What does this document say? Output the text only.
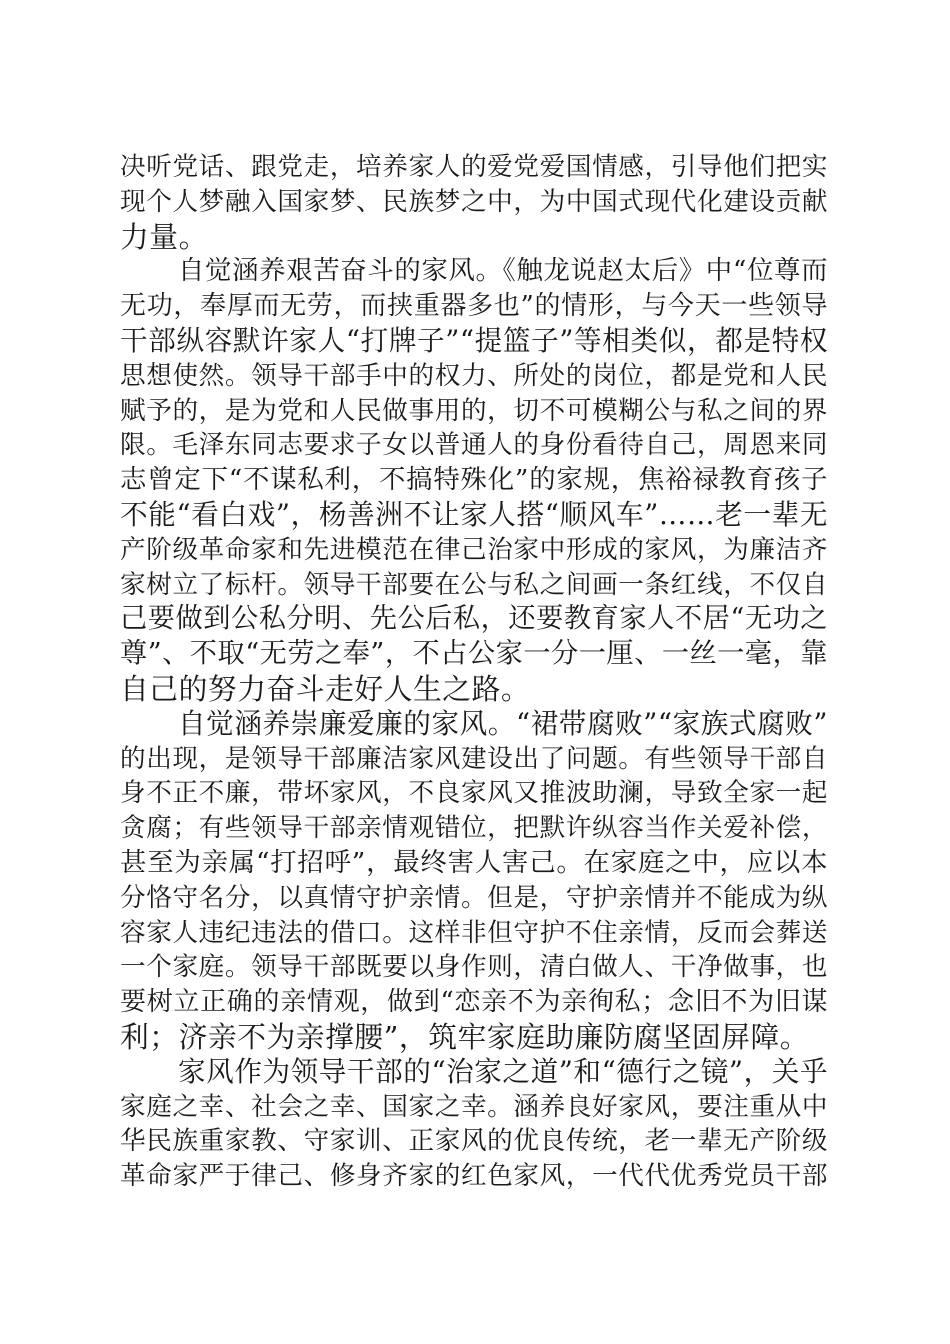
决听党话、跟党走，培养家人的爱党爱国情感，引导他们把实
现个人梦融入国家梦、民族梦之中，为中国式现代化建设贡献
力量。
自觉涵养艰苦奋斗的家风。《触龙说赵太后》中“位尊而
无功，奉厚而无劳，而挟重器多也”的情形，与今天一些领导
干部纵容默许家人“打牌子”“提篮子”等相类似，都是特权
思想使然。领导干部手中的权力、所处的岗位，都是党和人民
赋予的，是为党和人民做事用的，切不可模糊公与私之间的界
限。毛泽东同志要求子女以普通人的身份看待自己，周恩来同
志曾定下“不谋私利，不搞特殊化”的家规，焦裕禄教育孩子
不能“看白戏”，杨善洲不让家人搭“顺风车”……老一辈无
产阶级革命家和先进模范在律己治家中形成的家风，为廉洁齐
家树立了标杆。领导干部要在公与私之间画一条红线，不仅自
己要做到公私分明、先公后私，还要教育家人不居“无功之
尊”、不取“无劳之奉”，不占公家一分一厘、一丝一毫，靠
自己的努力奋斗走好人生之路。
自觉涵养崇廉爱廉的家风。“裙带腐败”“家族式腐败”
的出现，是领导干部廉洁家风建设出了问题。有些领导干部自
身不正不廉，带坏家风，不良家风又推波助澜，导致全家一起
贪腐；有些领导干部亲情观错位，把默许纵容当作关爱补偿，
甚至为亲属“打招呼”，最终害人害己。在家庭之中，应以本
分恪守名分，以真情守护亲情。但是，守护亲情并不能成为纵
容家人违纪违法的借口。这样非但守护不住亲情，反而会葬送
一个家庭。领导干部既要以身作则，清白做人、干净做事，也
要树立正确的亲情观，做到“恋亲不为亲徇私；念旧不为旧谋
利；济亲不为亲撑腰”，筑牢家庭助廉防腐坚固屏障。
家风作为领导干部的“治家之道”和“德行之镜”，关乎
家庭之幸、社会之幸、国家之幸。涵养良好家风，要注重从中
华民族重家教、守家训、正家风的优良传统，老一辈无产阶级
革命家严于律己、修身齐家的红色家风，一代代优秀党员干部
